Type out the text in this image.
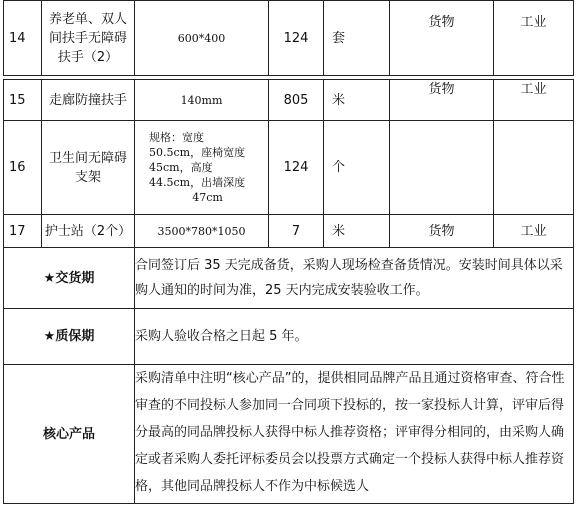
14	养老单、双人间扶手无障碍扶手（2）	600*400	124	套	货物	工业

15	走廊防撞扶手	140mm	805	米	货物	工业
16	卫生间无障碍支架	规格：宽度
50.5cm，座椅宽度
45cm，高度
44.5cm，出墙深度
47cm	124	个		
17	护士站（2个）	3500*780*1050	7	米	货物	工业
★ 交货期		合同签订后 35 天完成备货，采购人现场检查备货情况。安装时间具体以采购人通知的时间为准，25 天内完成安装验收工作。				
★ 质保期		采购人验收合格之日起 5 年。				
核心产品		采购清单中注明“核心产品”的，提供相同品牌产品且通过资格审查、符合性审查的不同投标人参加同一合同项下投标的，按一家投标人计算，评审后得分最高的同品牌投标人获得中标人推荐资格；评审得分相同的，由采购人确定或者采购人委托评标委员会以投票方式确定一个投标人获得中标人推荐资格，其他同品牌投标人不作为中标候选人				
